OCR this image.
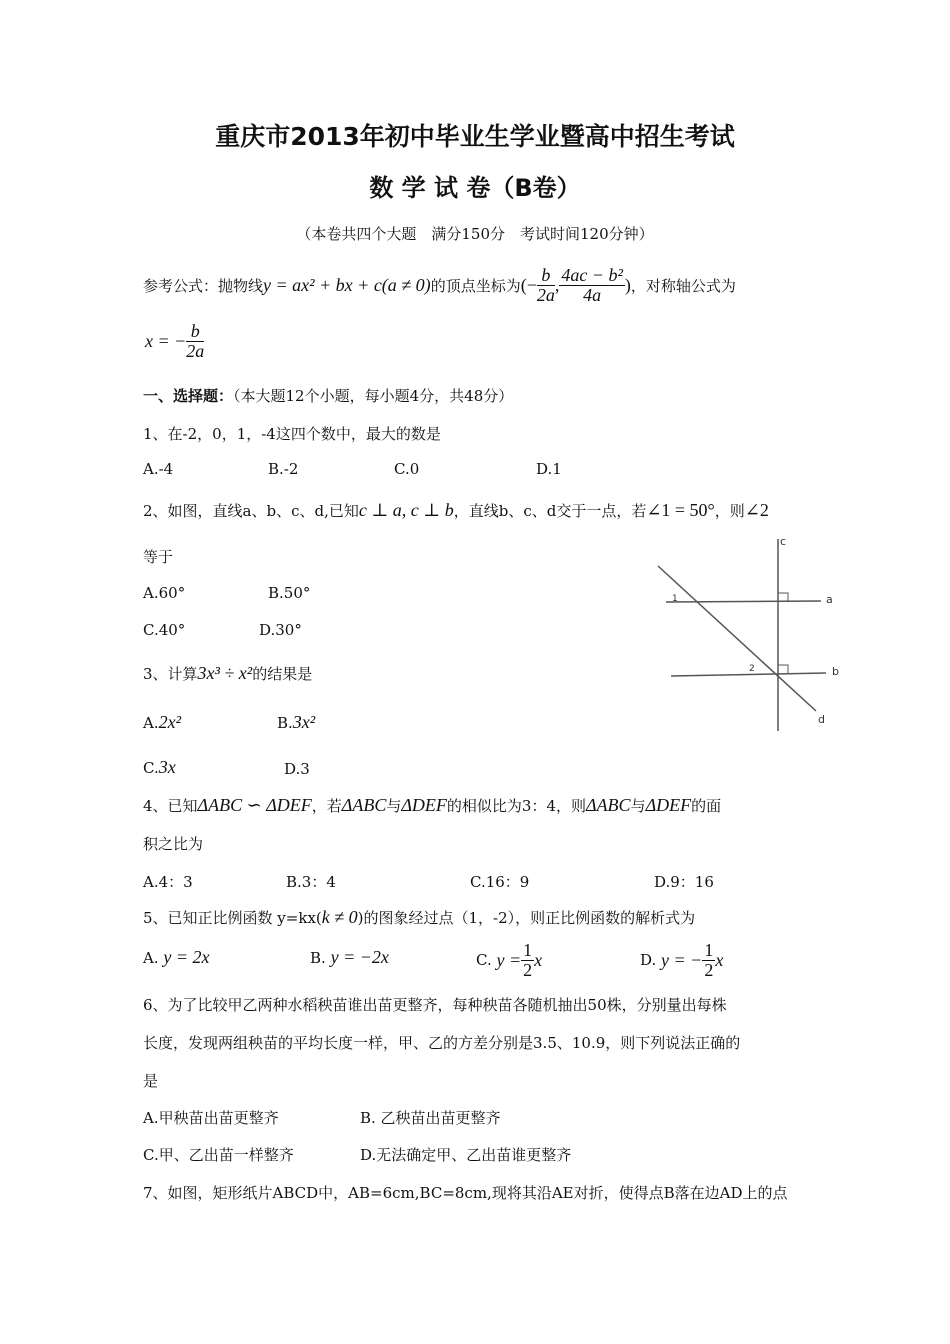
重庆市2013年初中毕业生学业暨高中招生考试
数 学 试 卷（B卷）
（本卷共四个大题　满分150分　考试时间120分钟）
参考公式：抛物线 y = ax² + bx + c(a ≠ 0) 的顶点坐标为 (− $\frac{b}{2a}$ , $\frac{\text{4ac − b²}}{4a}$ ) ，对称轴公式为
x = − $\frac{b}{2a}$
一、选择题：（本大题12个小题，每小题4分，共48分）
1、在-2，0，1，-4这四个数中，最大的数是
A.-4	B.-2	C.0	D.1
2、如图，直线a、b、c、d,已知 c ⊥ a, c ⊥ b ，直线b、c、d交于一点，若 ∠1 = 50° ，则 ∠2
等于
A.60°	B.50°
C.40°	D.30°
c
a
b
d
1
2
3、计算 3x³ ÷ x² 的结果是
A. 2x²	B. 3x²
C. 3x	D.3
4、已知 ΔABC ∽ ΔDEF ，若 ΔABC 与 ΔDEF 的相似比为3：4，则 ΔABC 与 ΔDEF 的面
积之比为
A.4：3	B.3：4	C.16：9	D.9：16
5、已知正比例函数 y=kx( k ≠ 0 )的图象经过点（1，-2），则正比例函数的解析式为
A.
y = 2x	B.
y = −2x	C.
$y = \frac{1}{2}$ x	D.
y = − $\frac{1}{2}$ x
6、为了比较甲乙两种水稻秧苗谁出苗更整齐，每种秧苗各随机抽出50株，分别量出每株
长度，发现两组秧苗的平均长度一样，甲、乙的方差分别是3.5、10.9，则下列说法正确的
是
A.甲秧苗出苗更整齐	B. 乙秧苗出苗更整齐
C.甲、乙出苗一样整齐	D.无法确定甲、乙出苗谁更整齐
7、如图，矩形纸片ABCD中，AB=6cm,BC=8cm,现将其沿AE对折，使得点B落在边AD上的点
